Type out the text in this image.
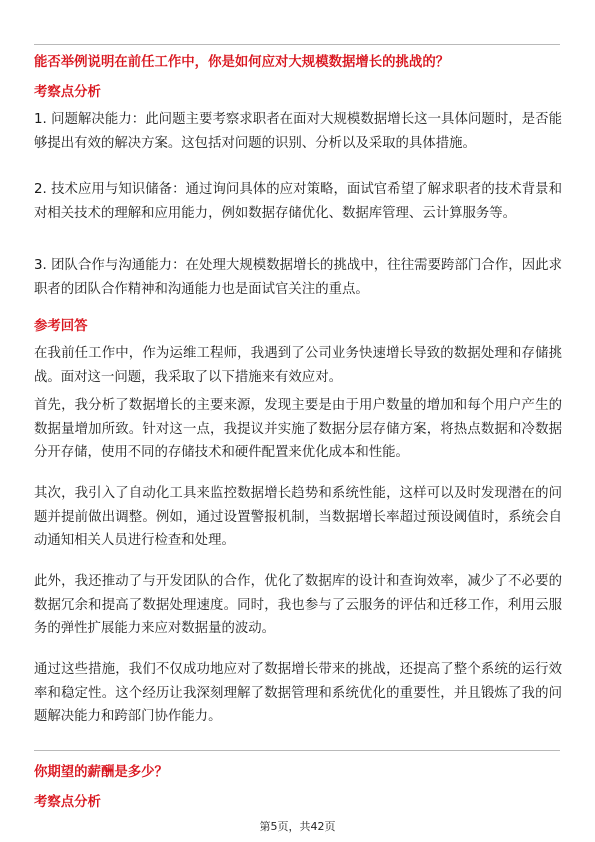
能否举例说明在前任工作中，你是如何应对大规模数据增长的挑战的？
考察点分析
1. 问题解决能力：此问题主要考察求职者在面对大规模数据增长这一具体问题时，是否能够提出有效的解决方案。这包括对问题的识别、分析以及采取的具体措施。
2. 技术应用与知识储备：通过询问具体的应对策略，面试官希望了解求职者的技术背景和对相关技术的理解和应用能力，例如数据存储优化、数据库管理、云计算服务等。
3. 团队合作与沟通能力：在处理大规模数据增长的挑战中，往往需要跨部门合作，因此求职者的团队合作精神和沟通能力也是面试官关注的重点。
参考回答
在我前任工作中，作为运维工程师，我遇到了公司业务快速增长导致的数据处理和存储挑战。面对这一问题，我采取了以下措施来有效应对。
首先，我分析了数据增长的主要来源，发现主要是由于用户数量的增加和每个用户产生的数据量增加所致。针对这一点，我提议并实施了数据分层存储方案，将热点数据和冷数据分开存储，使用不同的存储技术和硬件配置来优化成本和性能。
其次，我引入了自动化工具来监控数据增长趋势和系统性能，这样可以及时发现潜在的问题并提前做出调整。例如，通过设置警报机制，当数据增长率超过预设阈值时，系统会自动通知相关人员进行检查和处理。
此外，我还推动了与开发团队的合作，优化了数据库的设计和查询效率，减少了不必要的数据冗余和提高了数据处理速度。同时，我也参与了云服务的评估和迁移工作，利用云服务的弹性扩展能力来应对数据量的波动。
通过这些措施，我们不仅成功地应对了数据增长带来的挑战，还提高了整个系统的运行效率和稳定性。这个经历让我深刻理解了数据管理和系统优化的重要性，并且锻炼了我的问题解决能力和跨部门协作能力。
你期望的薪酬是多少？
考察点分析
第5页，共42页
